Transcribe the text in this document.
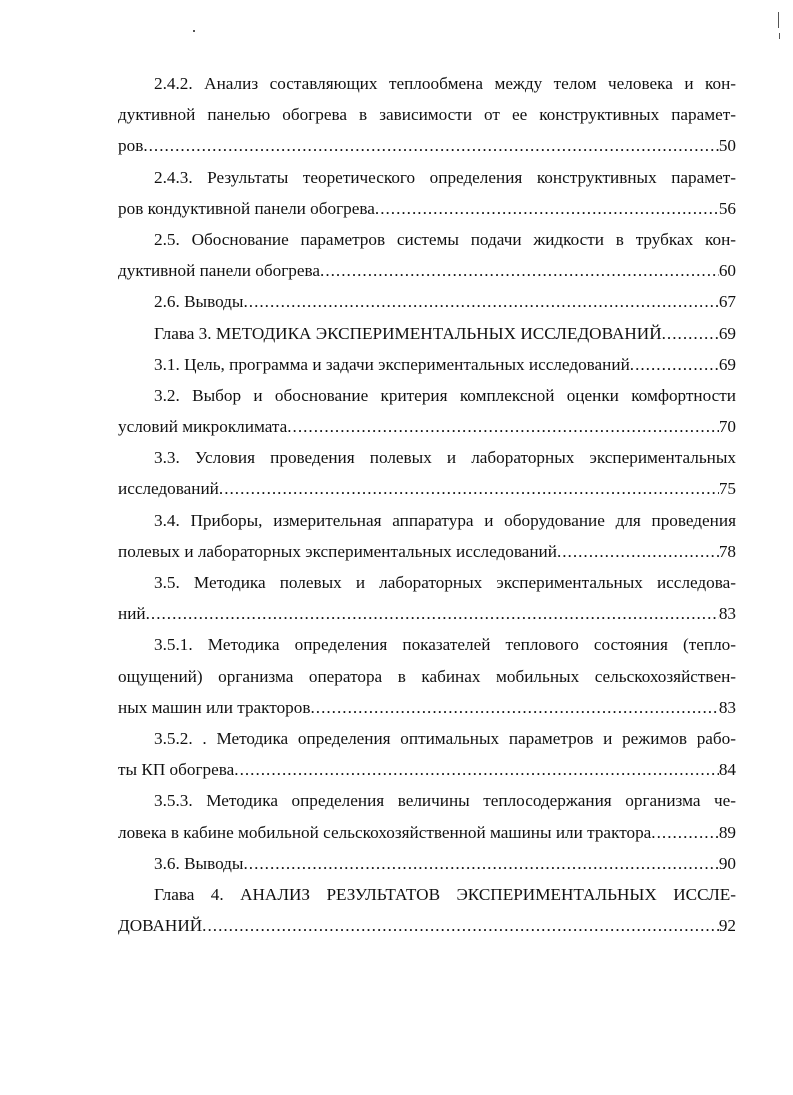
2.4.2. Анализ составляющих теплообмена между телом человека и кон-
дуктивной панелью обогрева в зависимости от ее конструктивных парамет-
ров .....	50
2.4.3. Результаты теоретического определения конструктивных парамет-
ров кондуктивной панели обогрева .....	56
2.5. Обоснование параметров системы подачи жидкости в трубках кон-
дуктивной панели обогрева .....	60
2.6. Выводы .....	67
Глава 3. МЕТОДИКА ЭКСПЕРИМЕНТАЛЬНЫХ ИССЛЕДОВАНИЙ .....	69
3.1. Цель, программа и задачи экспериментальных исследований .....	69
3.2. Выбор и обоснование критерия комплексной оценки комфортности
условий микроклимата .....	70
3.3. Условия проведения полевых и лабораторных экспериментальных
исследований .....	75
3.4. Приборы, измерительная аппаратура и оборудование для проведения
полевых и лабораторных экспериментальных исследований .....	78
3.5. Методика полевых и лабораторных экспериментальных исследова-
ний .....	83
3.5.1. Методика определения показателей теплового состояния (тепло-
ощущений) организма оператора в кабинах мобильных сельскохозяйствен-
ных машин или тракторов .....	83
3.5.2. . Методика определения оптимальных параметров и режимов рабо-
ты КП обогрева .....	84
3.5.3. Методика определения величины теплосодержания организма че-
ловека в кабине мобильной сельскохозяйственной машины или трактора .....	89
3.6. Выводы .....	90
Глава 4. АНАЛИЗ РЕЗУЛЬТАТОВ ЭКСПЕРИМЕНТАЛЬНЫХ ИССЛЕ-
ДОВАНИЙ .....	92
